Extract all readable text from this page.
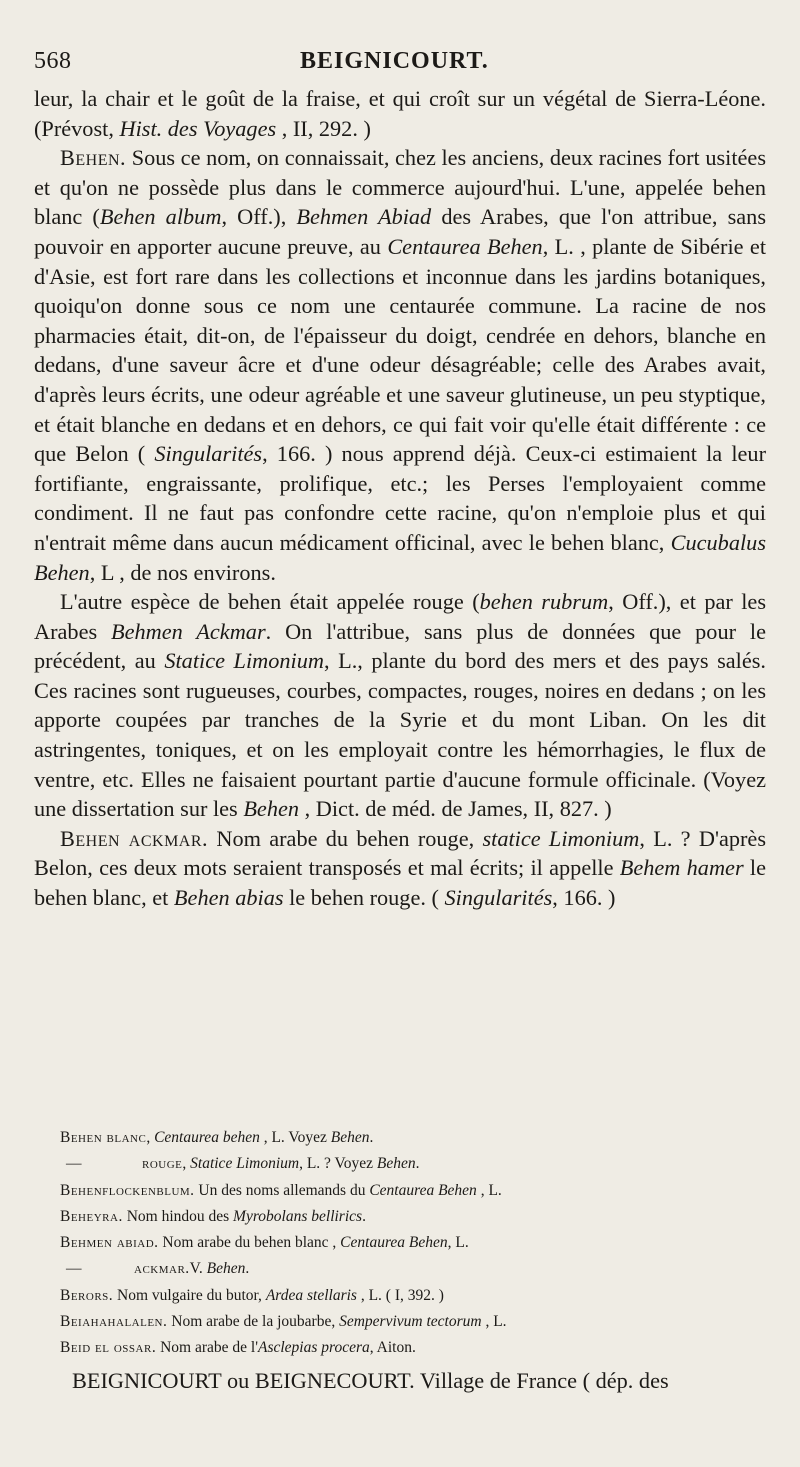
568	BEIGNICOURT.

leur, la chair et le goût de la fraise, et qui croît sur un végétal de Sierra-Léone. (Prévost, Hist. des Voyages , II, 292. )

Behen. Sous ce nom, on connaissait, chez les anciens, deux racines fort usitées et qu'on ne possède plus dans le commerce aujourd'hui. L'une, appelée behen blanc (Behen album, Off.), Behmen Abiad des Arabes, que l'on attribue, sans pouvoir en apporter aucune preuve, au Centaurea Behen, L. , plante de Sibérie et d'Asie, est fort rare dans les collections et inconnue dans les jardins botaniques, quoiqu'on donne sous ce nom une centaurée commune. La racine de nos pharmacies était, dit-on, de l'épaisseur du doigt, cendrée en dehors, blanche en dedans, d'une saveur âcre et d'une odeur désagréable; celle des Arabes avait, d'après leurs écrits, une odeur agréable et une saveur glutineuse, un peu styptique, et était blanche en dedans et en dehors, ce qui fait voir qu'elle était différente : ce que Belon ( Singularités, 166. ) nous apprend déjà. Ceux-ci estimaient la leur fortifiante, engraissante, prolifique, etc.; les Perses l'employaient comme condiment. Il ne faut pas confondre cette racine, qu'on n'emploie plus et qui n'entrait même dans aucun médicament officinal, avec le behen blanc, Cucubalus Behen, L , de nos environs.

L'autre espèce de behen était appelée rouge (behen rubrum, Off.), et par les Arabes Behmen Ackmar. On l'attribue, sans plus de données que pour le précédent, au Statice Limonium, L., plante du bord des mers et des pays salés. Ces racines sont rugueuses, courbes, compactes, rouges, noires en dedans ; on les apporte coupées par tranches de la Syrie et du mont Liban. On les dit astringentes, toniques, et on les employait contre les hémorrhagies, le flux de ventre, etc. Elles ne faisaient pourtant partie d'aucune formule officinale. (Voyez une dissertation sur les Behen , Dict. de méd. de James, II, 827. )

Behen ackmar. Nom arabe du behen rouge, statice Limonium, L. ? D'après Belon, ces deux mots seraient transposés et mal écrits; il appelle Behem hamer le behen blanc, et Behen abias le behen rouge. ( Singularités, 166. )

Behen blanc, Centaurea behen , L. Voyez Behen.

—	rouge, Statice Limonium, L. ? Voyez Behen.

Behenflockenblum. Un des noms allemands du Centaurea Behen , L.

Beheyra. Nom hindou des Myrobolans bellirics.

Behmen abiad. Nom arabe du behen blanc , Centaurea Behen, L.

—	ackmar.V. Behen.

Berors. Nom vulgaire du butor, Ardea stellaris , L. ( I, 392. )

Beiahahalalen. Nom arabe de la joubarbe, Sempervivum tectorum , L.

Beid el ossar. Nom arabe de l'Asclepias procera, Aiton.

BEIGNICOURT ou BEIGNECOURT. Village de France ( dép. des
